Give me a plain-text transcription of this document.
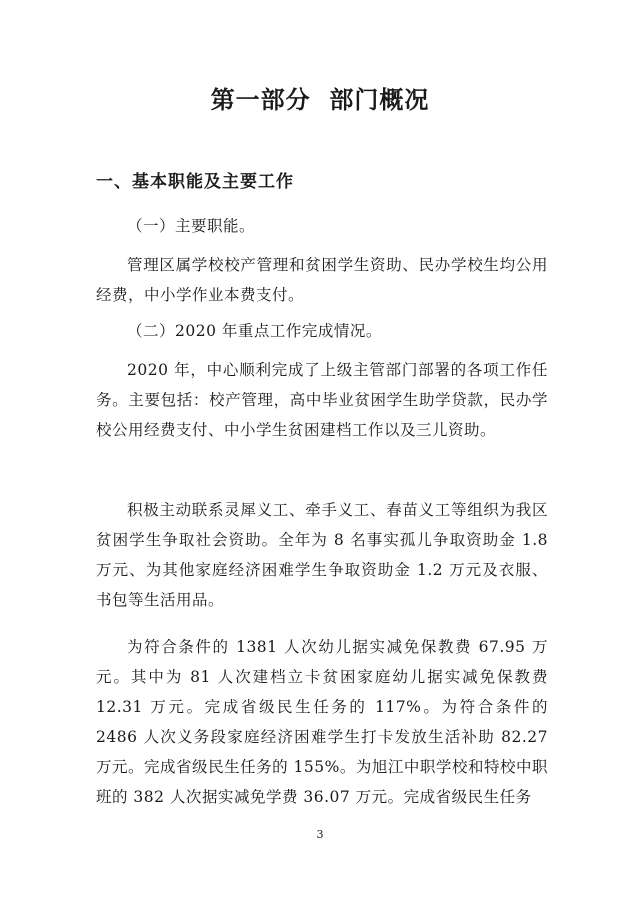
第一部分  部门概况
一、基本职能及主要工作
（一）主要职能。
管理区属学校校产管理和贫困学生资助、民办学校生均公用经费，中小学作业本费支付。
（二）2020 年重点工作完成情况。
2020 年，中心顺利完成了上级主管部门部署的各项工作任务。主要包括：校产管理，高中毕业贫困学生助学贷款，民办学校公用经费支付、中小学生贫困建档工作以及三儿资助。
积极主动联系灵犀义工、牵手义工、春苗义工等组织为我区贫困学生争取社会资助。全年为 8 名事实孤儿争取资助金 1.8 万元、为其他家庭经济困难学生争取资助金 1.2 万元及衣服、书包等生活用品。
为符合条件的 1381 人次幼儿据实减免保教费 67.95 万元。其中为 81 人次建档立卡贫困家庭幼儿据实减免保教费 12.31 万元。完成省级民生任务的 117%。为符合条件的 2486 人次义务段家庭经济困难学生打卡发放生活补助 82.27 万元。完成省级民生任务的 155%。为旭江中职学校和特校中职班的 382 人次据实减免学费 36.07 万元。完成省级民生任务
3
